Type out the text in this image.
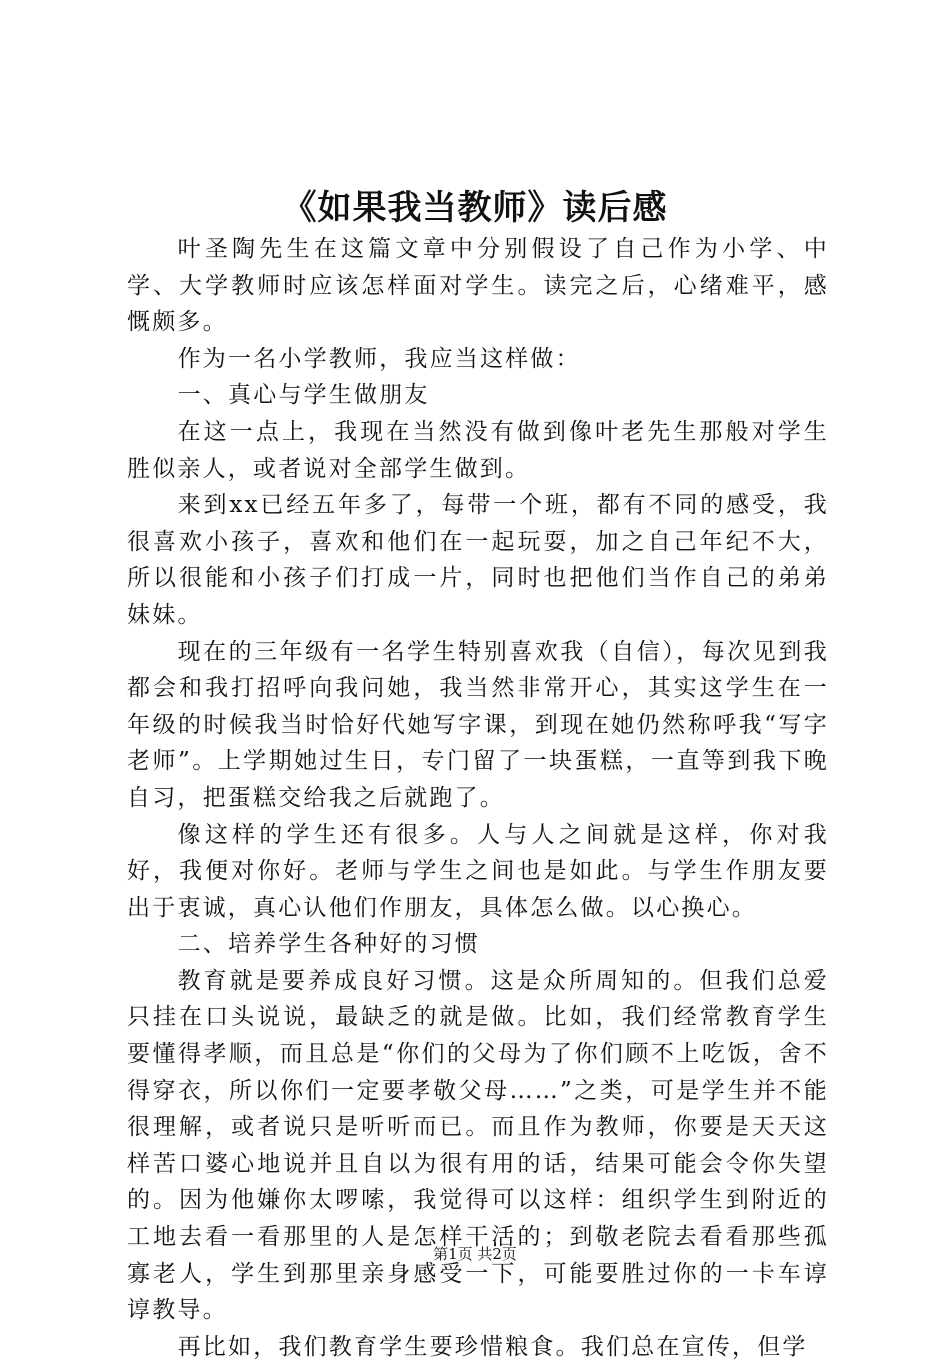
《如果我当教师》读后感

叶圣陶先生在这篇文章中分别假设了自己作为小学、中学、大学教师时应该怎样面对学生。读完之后，心绪难平，感慨颇多。

作为一名小学教师，我应当这样做：

一、真心与学生做朋友

在这一点上，我现在当然没有做到像叶老先生那般对学生胜似亲人，或者说对全部学生做到。

来到xx已经五年多了，每带一个班，都有不同的感受，我很喜欢小孩子，喜欢和他们在一起玩耍，加之自己年纪不大，所以很能和小孩子们打成一片，同时也把他们当作自己的弟弟妹妹。

现在的三年级有一名学生特别喜欢我（自信），每次见到我都会和我打招呼向我问她，我当然非常开心，其实这学生在一年级的时候我当时恰好代她写字课，到现在她仍然称呼我“写字老师”。上学期她过生日，专门留了一块蛋糕，一直等到我下晚自习，把蛋糕交给我之后就跑了。

像这样的学生还有很多。人与人之间就是这样，你对我好，我便对你好。老师与学生之间也是如此。与学生作朋友要出于衷诚，真心认他们作朋友，具体怎么做。以心换心。

二、培养学生各种好的习惯

教育就是要养成良好习惯。这是众所周知的。但我们总爱只挂在口头说说，最缺乏的就是做。比如，我们经常教育学生要懂得孝顺，而且总是“你们的父母为了你们顾不上吃饭，舍不得穿衣，所以你们一定要孝敬父母……”之类，可是学生并不能很理解，或者说只是听听而已。而且作为教师，你要是天天这样苦口婆心地说并且自以为很有用的话，结果可能会令你失望的。因为他嫌你太啰嗦，我觉得可以这样：组织学生到附近的工地去看一看那里的人是怎样干活的；到敬老院去看看那些孤寡老人，学生到那里亲身感受一下，可能要胜过你的一卡车谆谆教导。

再比如，我们教育学生要珍惜粮食。我们总在宣传，但学

第1页 共2页
